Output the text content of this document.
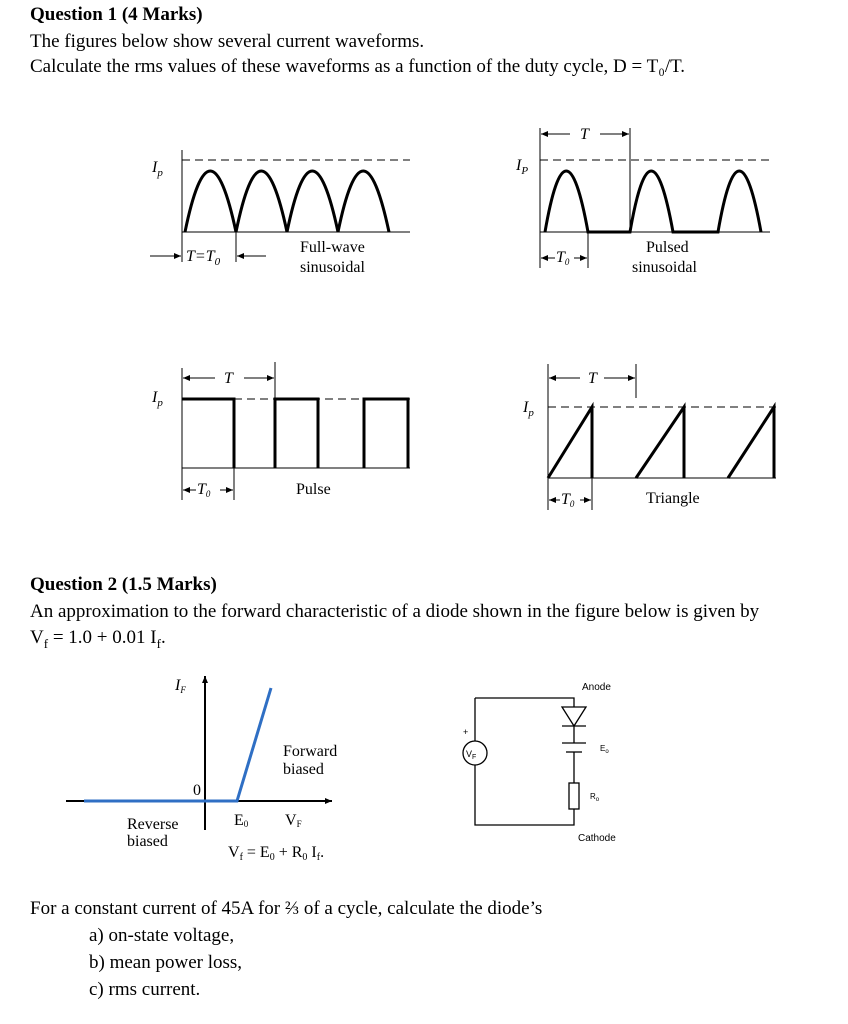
Question 1 (4 Marks)
The figures below show several current waveforms.
Calculate the rms values of these waveforms as a function of the duty cycle, D = T₀/T.
$I_p$
$T=T_0$
Full-wave
sinusoidal
T
T0
$I_P$
Pulsed
sinusoidal
T
T0
$I_p$
Pulse
T
T0
$I_p$
Triangle
IF
0
Forward
biased
Reverse
biased
E0 VF
Vf = E0 + R0 If.
+
$V_F$
Anode
Cathode
$E_o$
$R_o$
Question 2 (1.5 Marks)
An approximation to the forward characteristic of a diode shown in the figure below is given by
$V_f = 1.0 + 0.01$ $I_f$.
For a constant current of 45A for ⅔ of a cycle, calculate the diode’s
a) on-state voltage,
b) mean power loss,
c) rms current.
